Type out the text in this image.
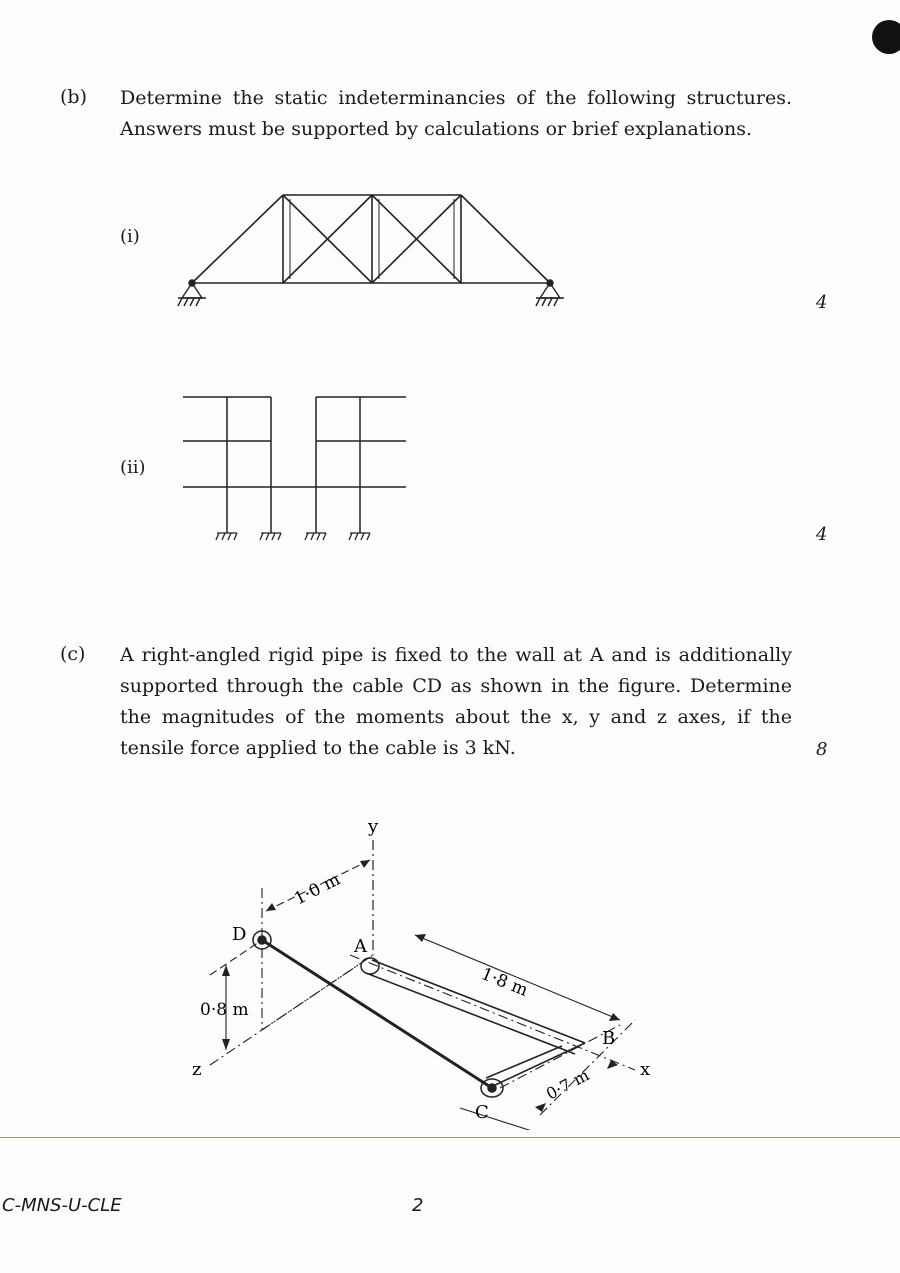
(b) Determine the static indeterminancies of the following structures. Answers must be supported by calculations or brief explanations.
(i)
4
(ii)
4
(c) A right-angled rigid pipe is fixed to the wall at A and is additionally supported through the cable CD as shown in the figure. Determine the magnitudes of the moments about the x, y and z axes, if the tensile force applied to the cable is 3 kN.	8
y
x
z
A
B
C
D
1·0 m
1·8 m
0·8 m
0·7 m
C-MNS-U-CLE	2
